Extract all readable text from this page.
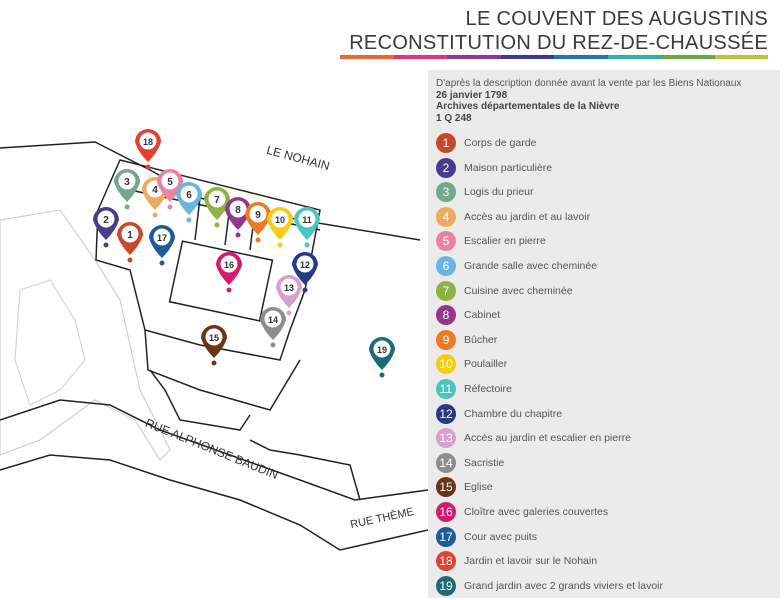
LE COUVENT DES AUGUSTINS
RECONSTITUTION DU REZ-DE-CHAUSSÉE
LE NOHAIN
RUE ALPHONSE BAUDIN
RUE THÈME
1
2
3
4
5
6 7
8 9 10 11
12
13
14
15
16
17
18
19
D'après la description donnée avant la vente par les Biens Nationaux
26 janvier 1798
Archives départementales de la Nièvre
1 Q 248
1	Corps de garde
2	Maison particulière
3	Logis du prieur
4	Accès au jardin et au lavoir
5	Escalier en pierre
6	Grande salle avec cheminée
7	Cuisine avec cheminée
8	Cabinet
9	Bûcher
10	Poulailler
11	Réfectoire
12	Chambre du chapitre
13	Accès au jardin et escalier en pierre
14	Sacristie
15	Eglise
16	Cloître avec galeries couvertes
17	Cour avec puits
18	Jardin et lavoir sur le Nohain
19	Grand jardin avec 2 grands viviers et lavoir
